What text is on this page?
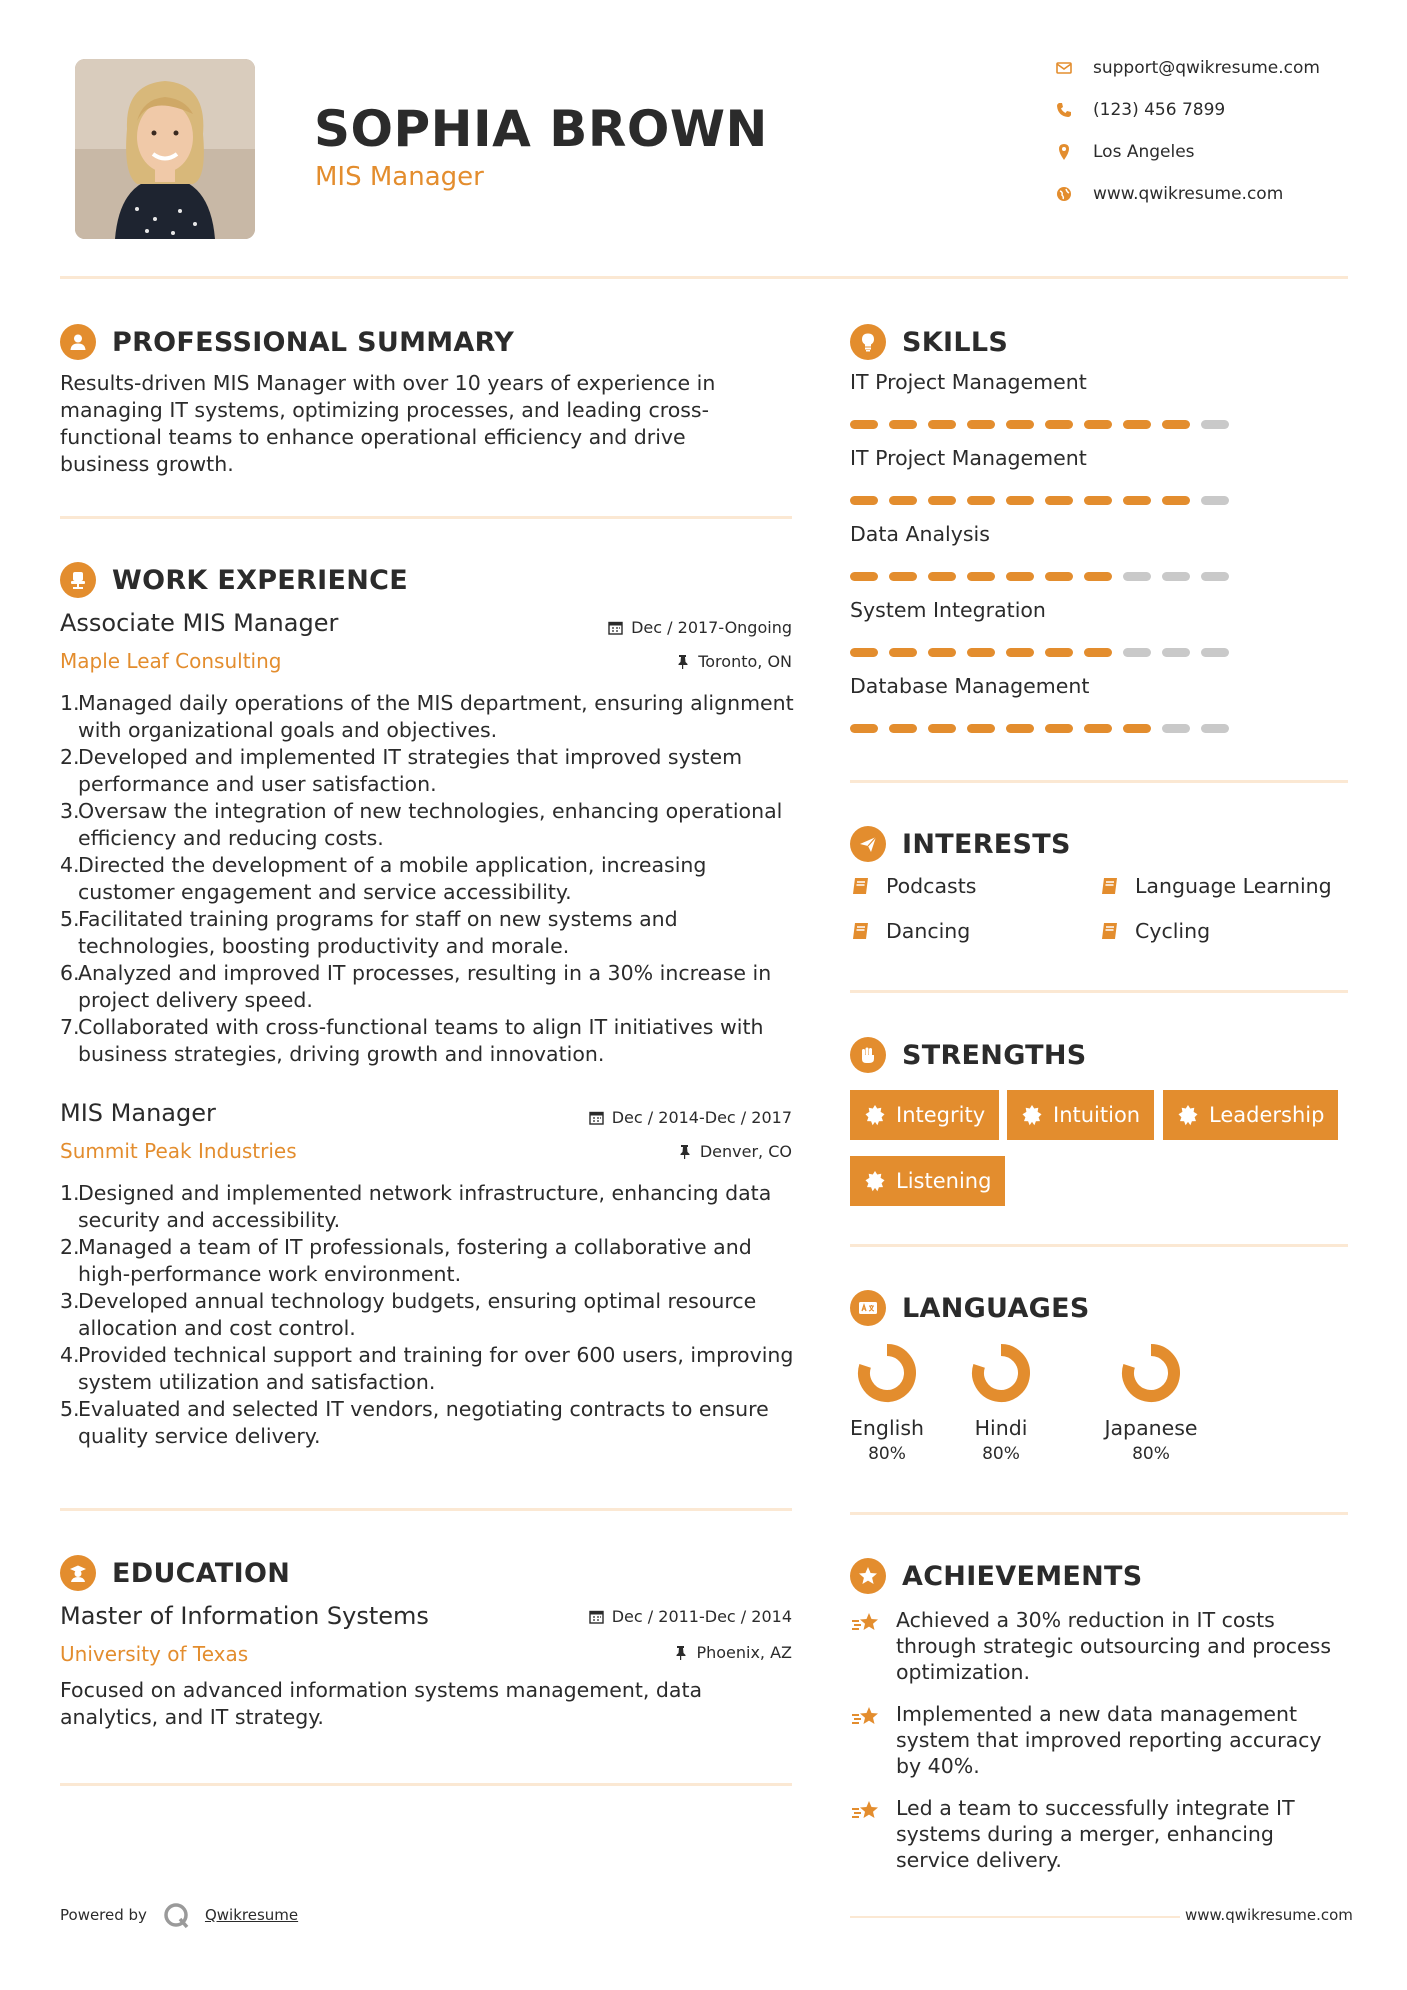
SOPHIA BROWN
MIS Manager
support@qwikresume.com
(123) 456 7899
Los Angeles
www.qwikresume.com
PROFESSIONAL SUMMARY
Results-driven MIS Manager with over 10 years of experience in managing IT systems, optimizing processes, and leading cross-functional teams to enhance operational efficiency and drive business growth.
WORK EXPERIENCE
Associate MIS Manager	Dec / 2017-Ongoing
Maple Leaf Consulting	Toronto, ON
1.
Managed daily operations of the MIS department, ensuring alignment with organizational goals and objectives.
2.
Developed and implemented IT strategies that improved system performance and user satisfaction.
3.
Oversaw the integration of new technologies, enhancing operational efficiency and reducing costs.
4.
Directed the development of a mobile application, increasing customer engagement and service accessibility.
5.
Facilitated training programs for staff on new systems and technologies, boosting productivity and morale.
6.
Analyzed and improved IT processes, resulting in a 30% increase in project delivery speed.
7.
Collaborated with cross-functional teams to align IT initiatives with business strategies, driving growth and innovation.
MIS Manager	Dec / 2014-Dec / 2017
Summit Peak Industries	Denver, CO
1.
Designed and implemented network infrastructure, enhancing data security and accessibility.
2.
Managed a team of IT professionals, fostering a collaborative and high-performance work environment.
3.
Developed annual technology budgets, ensuring optimal resource allocation and cost control.
4.
Provided technical support and training for over 600 users, improving system utilization and satisfaction.
5.
Evaluated and selected IT vendors, negotiating contracts to ensure quality service delivery.
EDUCATION
Master of Information Systems	Dec / 2011-Dec / 2014
University of Texas	Phoenix, AZ
Focused on advanced information systems management, data analytics, and IT strategy.
Powered by	Qwikresume
SKILLS
IT Project Management
IT Project Management
Data Analysis
System Integration
Database Management
INTERESTS
Podcasts	Language Learning
Dancing	Cycling
STRENGTHS
Integrity	Intuition	Leadership
Listening
LANGUAGES
English
80%
Hindi
80%
Japanese
80%
ACHIEVEMENTS
Achieved a 30% reduction in IT costs through strategic outsourcing and process optimization.
Implemented a new data management system that improved reporting accuracy by 40%.
Led a team to successfully integrate IT systems during a merger, enhancing service delivery.
www.qwikresume.com
